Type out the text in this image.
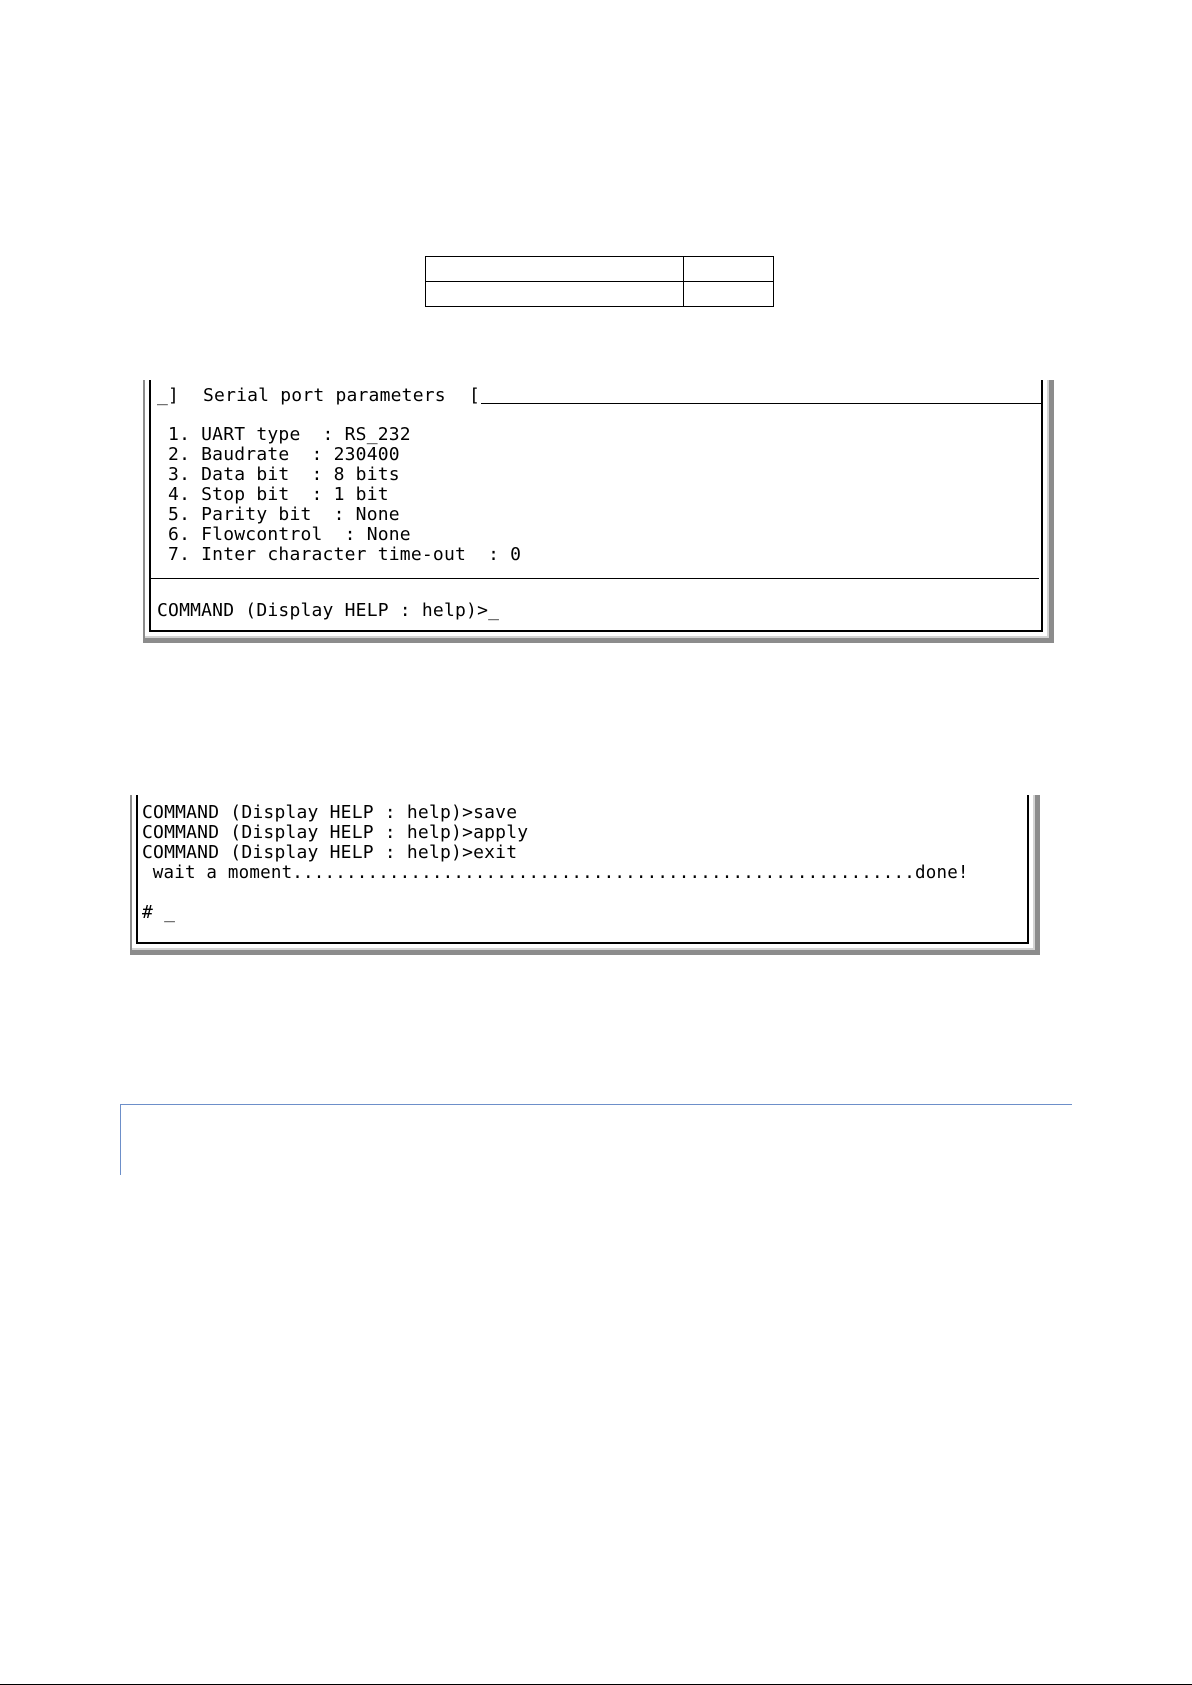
_] Serial port parameters [
1. UART type  : RS_232
2. Baudrate  : 230400
3. Data bit  : 8 bits
4. Stop bit  : 1 bit
5. Parity bit  : None
6. Flowcontrol  : None
7. Inter character time-out  : 0
COMMAND (Display HELP : help)>_
COMMAND (Display HELP : help)>save
COMMAND (Display HELP : help)>apply
COMMAND (Display HELP : help)>exit
wait a moment..........................................................done!
# _
